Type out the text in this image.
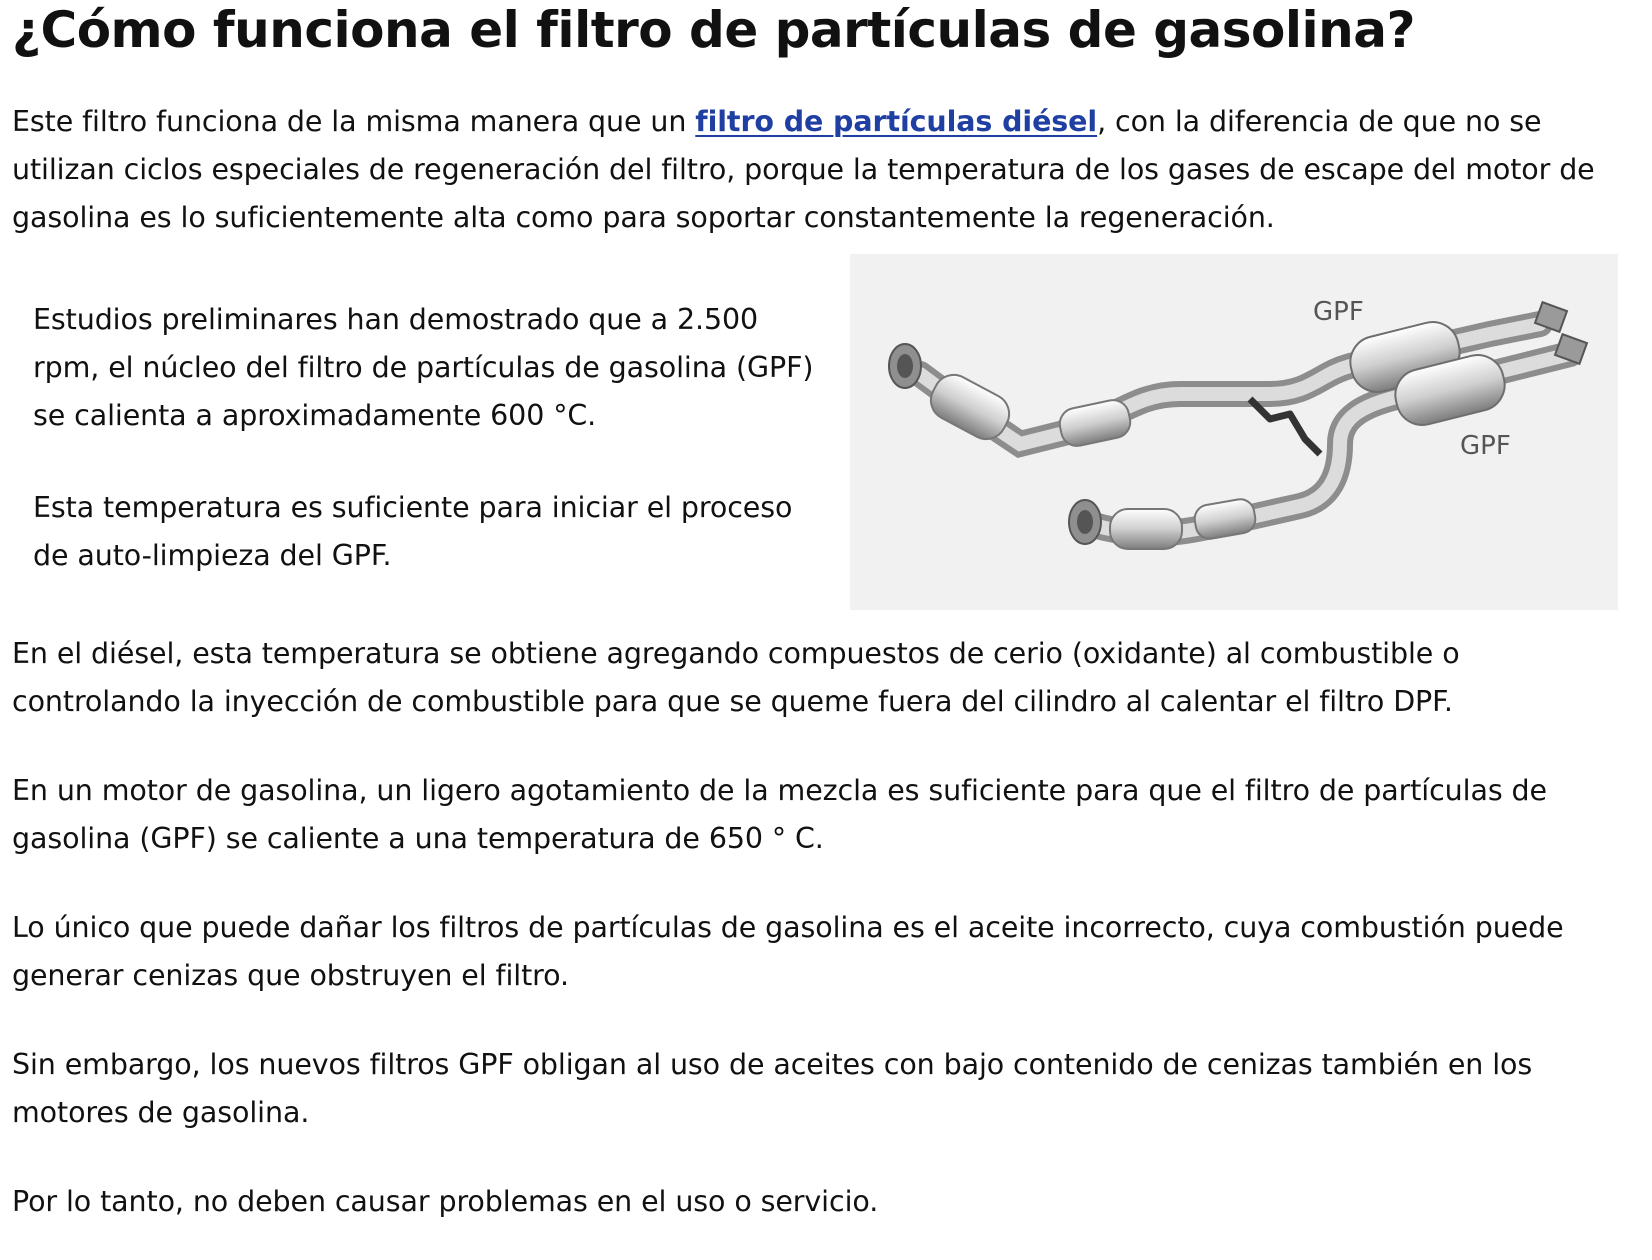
¿Cómo funciona el filtro de partículas de gasolina?

Este filtro funciona de la misma manera que un filtro de partículas diésel, con la diferencia de que no se utilizan ciclos especiales de regeneración del filtro, porque la temperatura de los gases de escape del motor de gasolina es lo suficientemente alta como para soportar constantemente la regeneración.

Estudios preliminares han demostrado que a 2.500 rpm, el núcleo del filtro de partículas de gasolina (GPF) se calienta a aproximadamente 600 °C.

Esta temperatura es suficiente para iniciar el proceso de auto-limpieza del GPF.

GPF
GPF

En el diésel, esta temperatura se obtiene agregando compuestos de cerio (oxidante) al combustible o controlando la inyección de combustible para que se queme fuera del cilindro al calentar el filtro DPF.

En un motor de gasolina, un ligero agotamiento de la mezcla es suficiente para que el filtro de partículas de gasolina (GPF) se caliente a una temperatura de 650 ° C.

Lo único que puede dañar los filtros de partículas de gasolina es el aceite incorrecto, cuya combustión puede generar cenizas que obstruyen el filtro.

Sin embargo, los nuevos filtros GPF obligan al uso de aceites con bajo contenido de cenizas también en los motores de gasolina.

Por lo tanto, no deben causar problemas en el uso o servicio.
